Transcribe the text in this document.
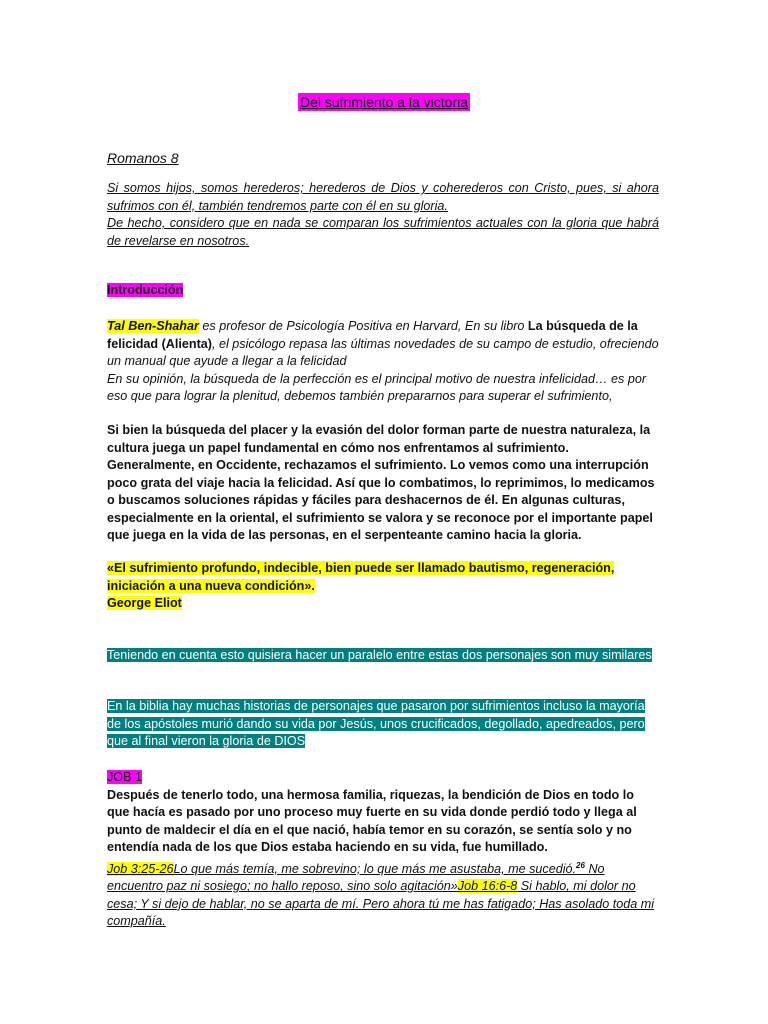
Del sufrimiento a la victoria
Romanos 8
Si somos hijos, somos herederos; herederos de Dios y coherederos con Cristo, pues, si ahora sufrimos con él, también tendremos parte con él en su gloria.
De hecho, considero que en nada se comparan los sufrimientos actuales con la gloria que habrá de revelarse en nosotros.
Introducción
Tal Ben-Shahar es profesor de Psicología Positiva en Harvard, En su libro La búsqueda de la felicidad (Alienta), el psicólogo repasa las últimas novedades de su campo de estudio, ofreciendo un manual que ayude a llegar a la felicidad
En su opinión, la búsqueda de la perfección es el principal motivo de nuestra infelicidad… es por eso que para lograr la plenitud, debemos también prepararnos para superar el sufrimiento,
Si bien la búsqueda del placer y la evasión del dolor forman parte de nuestra naturaleza, la cultura juega un papel fundamental en cómo nos enfrentamos al sufrimiento. Generalmente, en Occidente, rechazamos el sufrimiento. Lo vemos como una interrupción poco grata del viaje hacia la felicidad. Así que lo combatimos, lo reprimimos, lo medicamos o buscamos soluciones rápidas y fáciles para deshacernos de él. En algunas culturas, especialmente en la oriental, el sufrimiento se valora y se reconoce por el importante papel que juega en la vida de las personas, en el serpenteante camino hacia la gloria.
«El sufrimiento profundo, indecible, bien puede ser llamado bautismo, regeneración, iniciación a una nueva condición».
George Eliot
Teniendo en cuenta esto quisiera hacer un paralelo entre estas dos personajes son muy similares
En la biblia hay muchas historias de personajes que pasaron por sufrimientos incluso la mayoría de los apóstoles murió dando su vida por Jesús, unos crucificados, degollado, apedreados, pero que al final vieron la gloria de DIOS
JOB 1
Después de tenerlo todo, una hermosa familia, riquezas, la bendición de Dios en todo lo que hacía es pasado por uno proceso muy fuerte en su vida donde perdió todo y llega al punto de maldecir el día en el que nació, había temor en su corazón, se sentía solo y no entendía nada de los que Dios estaba haciendo en su vida, fue humillado.
Job 3:25-26Lo que más temía, me sobrevino; lo que más me asustaba, me sucedió.$^{26}$ No encuentro paz ni sosiego; no hallo reposo, sino solo agitación»Job 16:6-8 Si hablo, mi dolor no cesa; Y si dejo de hablar, no se aparta de mí. Pero ahora tú me has fatigado; Has asolado toda mi compañía.
